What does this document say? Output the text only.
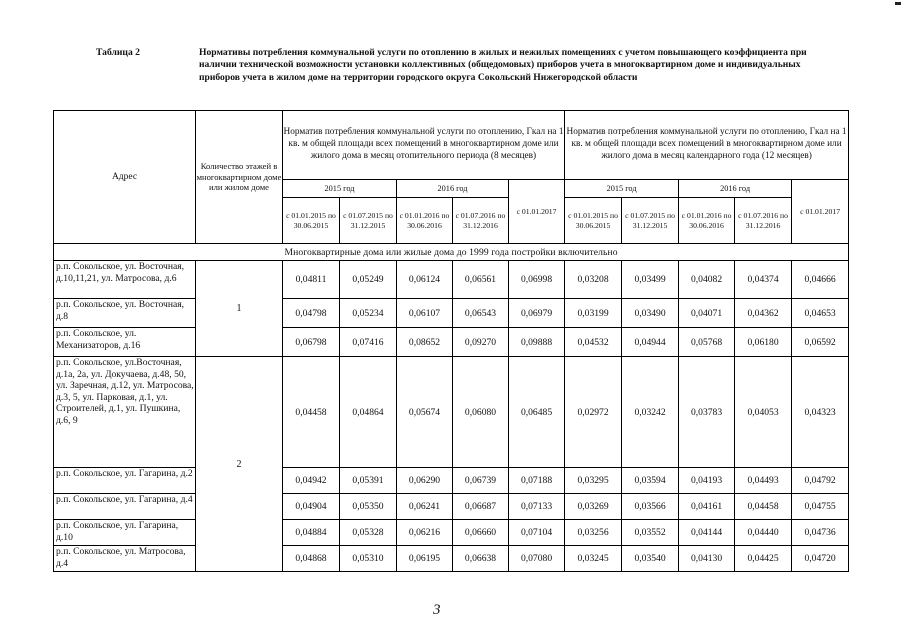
Таблица 2	Нормативы потребления коммунальной услуги по отоплению в жилых и нежилых помещениях с учетом повышающего коэффициента при наличии технической возможности установки коллективных (общедомовых) приборов учета в многоквартирном доме и индивидуальных приборов учета в жилом доме на территории городского округа Сокольский Нижегородской области
Адрес	Количество этажей в многоквартирном доме или жилом доме	Норматив потребления коммунальной услуги по отоплению, Гкал на 1 кв. м общей площади всех помещений в многоквартирном доме или жилого дома в месяц отопительного периода (8 месяцев)					Норматив потребления коммунальной услуги по отоплению, Гкал на 1 кв. м общей площади всех помещений в многоквартирном доме или жилого дома в месяц календарного года (12 месяцев)				
		2015 год		2016 год		с 01.01.2017	2015 год		2016 год		с 01.01.2017
		с 01.01.2015 по 30.06.2015	с 01.07.2015 по 31.12.2015	с 01.01.2016 по 30.06.2016	с 01.07.2016 по 31.12.2016		с 01.01.2015 по 30.06.2015	с 01.07.2015 по 31.12.2015	с 01.01.2016 по 30.06.2016	с 01.07.2016 по 31.12.2016	
Многоквартирные дома или жилые дома до 1999 года постройки включительно											
р.п. Сокольское, ул. Восточная, д.10,11,21, ул. Матросова, д.6	1	0,04811	0,05249	0,06124	0,06561	0,06998	0,03208	0,03499	0,04082	0,04374	0,04666
р.п. Сокольское, ул. Восточная, д.8		0,04798	0,05234	0,06107	0,06543	0,06979	0,03199	0,03490	0,04071	0,04362	0,04653
р.п. Сокольское, ул. Механизаторов, д.16		0,06798	0,07416	0,08652	0,09270	0,09888	0,04532	0,04944	0,05768	0,06180	0,06592
р.п. Сокольское, ул.Восточная, д.1а, 2а, ул. Докучаева, д.48, 50, ул. Заречная, д.12, ул. Матросова, д.3, 5, ул. Парковая, д.1, ул. Строителей, д.1, ул. Пушкина, д.6, 9	2	0,04458	0,04864	0,05674	0,06080	0,06485	0,02972	0,03242	0,03783	0,04053	0,04323
р.п. Сокольское, ул. Гагарина, д.2		0,04942	0,05391	0,06290	0,06739	0,07188	0,03295	0,03594	0,04193	0,04493	0,04792
р.п. Сокольское, ул. Гагарина, д.4		0,04904	0,05350	0,06241	0,06687	0,07133	0,03269	0,03566	0,04161	0,04458	0,04755
р.п. Сокольское, ул. Гагарина, д.10		0,04884	0,05328	0,06216	0,06660	0,07104	0,03256	0,03552	0,04144	0,04440	0,04736
р.п. Сокольское, ул. Матросова, д.4		0,04868	0,05310	0,06195	0,06638	0,07080	0,03245	0,03540	0,04130	0,04425	0,04720
3
